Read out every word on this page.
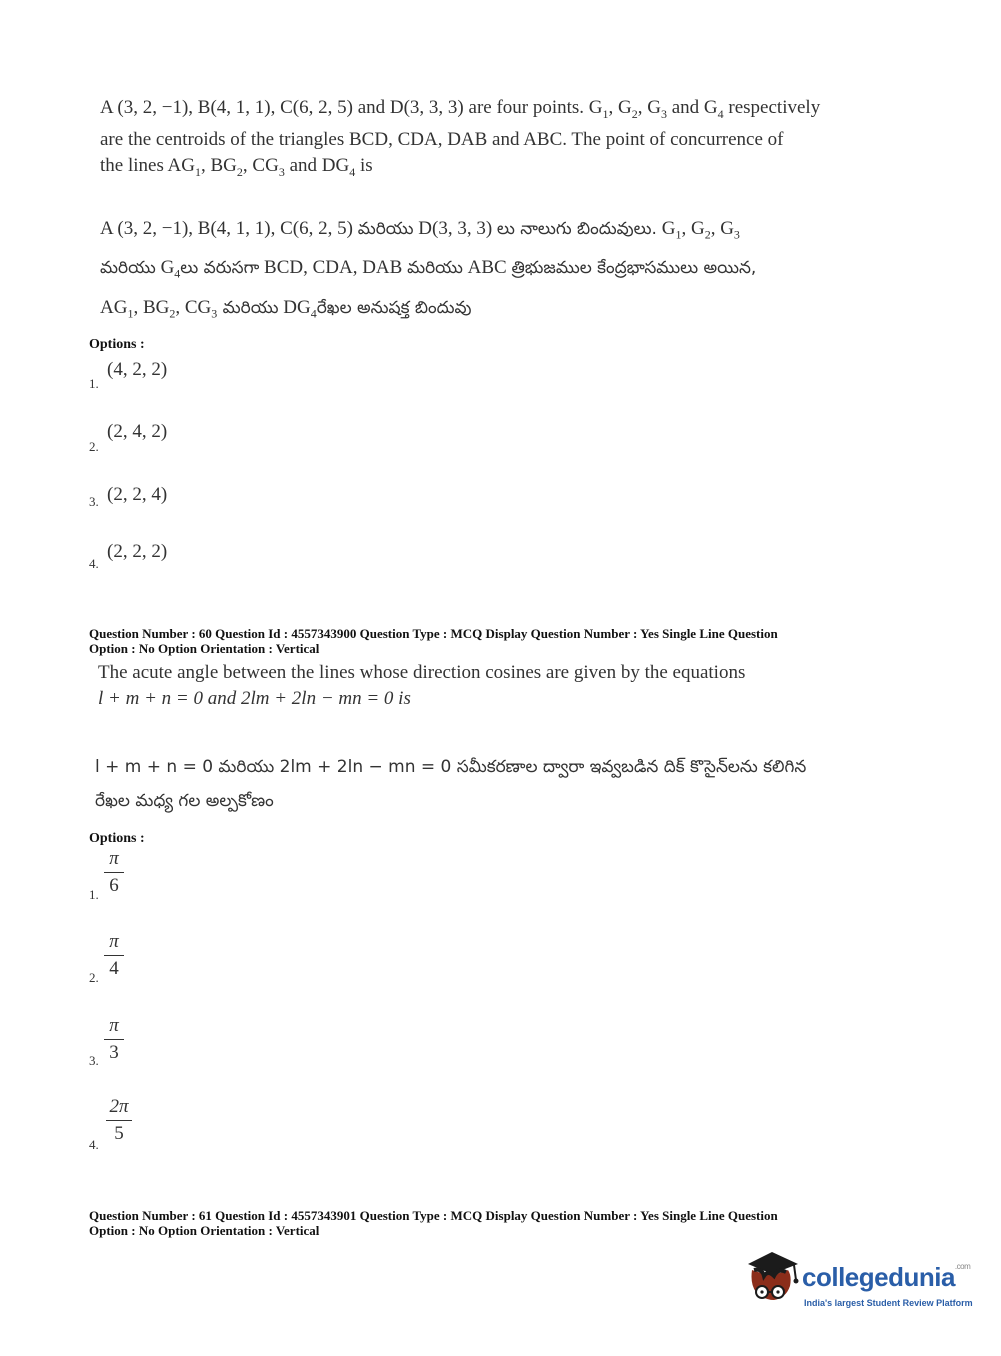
A (3, 2, −1), B(4, 1, 1), C(6, 2, 5) and D(3, 3, 3) are four points. $G_1$, $G_2$, $G_3$ and $G_4$ respectively
are the centroids of the triangles BCD, CDA, DAB and ABC. The point of concurrence of
the lines $AG_1$, $BG_2$, $CG_3$ and $DG_4$ is
A (3, 2, −1), B(4, 1, 1), C(6, 2, 5) మరియు D(3, 3, 3) లు నాలుగు బిందువులు. $G_1$, $G_2$, $G_3$
మరియు $G_4లు$ వరుసగా BCD, CDA, DAB మరియు ABC త్రిభుజముల కేంద్రభాసములు అయిన,
$AG_1$, $BG_2$, $CG_3$ మరియు $DG_4రేఖల$ అనుషక్త బిందువు
Options :
1.
(4, 2, 2)
2.
(2, 4, 2)
3. (2, 2, 4)
4.
(2, 2, 2)
Question Number : 60 Question Id : 4557343900 Question Type : MCQ Display Question Number : Yes Single Line Question
Option : No Option Orientation : Vertical
The acute angle between the lines whose direction cosines are given by the equations
l + m + n = 0 and 2lm + 2ln − mn = 0 is
l + m + n = 0 మరియు 2lm + 2ln − mn = 0 సమీకరణాల ద్వారా ఇవ్వబడిన దిక్ కొసైన్‌లను కలిగిన
రేఖల మధ్య గల అల్పకోణం
Options :
1.
π
6
2.
π
4
3.
π
3
4.
2π
5
Question Number : 61 Question Id : 4557343901 Question Type : MCQ Display Question Number : Yes Single Line Question
Option : No Option Orientation : Vertical
collegedunia$^{.com}$
India's largest Student Review Platform
